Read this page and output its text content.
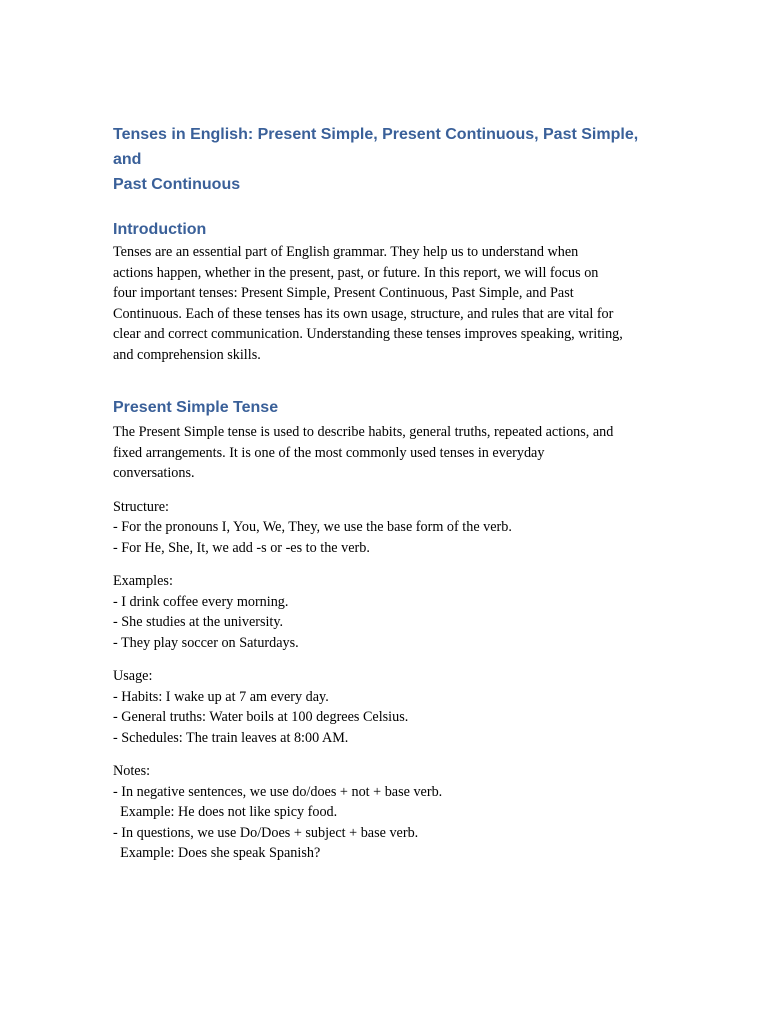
Tenses in English: Present Simple, Present Continuous, Past Simple, and
Past Continuous
Introduction

Tenses are an essential part of English grammar. They help us to understand when
actions happen, whether in the present, past, or future. In this report, we will focus on
four important tenses: Present Simple, Present Continuous, Past Simple, and Past
Continuous. Each of these tenses has its own usage, structure, and rules that are vital for
clear and correct communication. Understanding these tenses improves speaking, writing,
and comprehension skills.

Present Simple Tense

The Present Simple tense is used to describe habits, general truths, repeated actions, and
fixed arrangements. It is one of the most commonly used tenses in everyday
conversations.

Structure:
- For the pronouns I, You, We, They, we use the base form of the verb.
- For He, She, It, we add -s or -es to the verb.
Examples:
- I drink coffee every morning.
- She studies at the university.
- They play soccer on Saturdays.
Usage:
- Habits: I wake up at 7 am every day.
- General truths: Water boils at 100 degrees Celsius.
- Schedules: The train leaves at 8:00 AM.
Notes:
- In negative sentences, we use do/does + not + base verb.
Example: He does not like spicy food.
- In questions, we use Do/Does + subject + base verb.
Example: Does she speak Spanish?
